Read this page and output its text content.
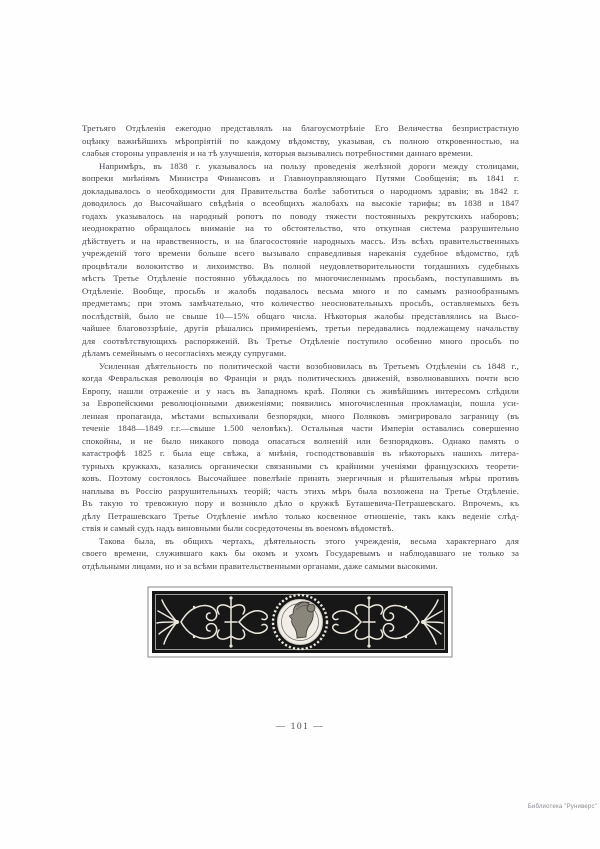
Третьяго Отдѣленія ежегодно представлялъ на благоусмотрѣніе Его Величества безпристрастную
оцѣнку важнѣйшихъ мѣропріятій по каждому вѣдомству, указывая, съ полною откровенностью, на
слабыя стороны управленія и на тѣ улучшенія, которыя вызывались потребностями даннаго времени.
Напримѣръ, въ 1838 г. указывалось на пользу проведенія желѣзной дороги между столицами,
вопреки мнѣніямъ Министра Финансовъ и Главноуправляющаго Путями Сообщенія; въ 1841 г.
докладывалось о необходимости для Правительства болѣе заботиться о народномъ здравіи; въ 1842 г.
доводилось до Высочайшаго свѣдѣнія о всеобщихъ жалобахъ на высокіе тарифы; въ 1838 и 1847
годахъ указывалось на народный ропотъ по поводу тяжести постоянныхъ рекрутскихъ наборовъ;
неоднократно обращалось вниманіе на то обстоятельство, что откупная система разрушительно
дѣйствуетъ и на нравственность, и на благосостояніе народныхъ массъ. Изъ всѣхъ правительственныхъ
учрежденій того времени больше всего вызывало справедливыя нареканія судебное вѣдомство, гдѣ
процвѣтали волокитство и лихоимство. Въ полной неудовлетворительности тогдашнихъ судебныхъ
мѣстъ Третье Отдѣленіе постоянно убѣждалось по многочисленнымъ просьбамъ, поступавшимъ въ
Отдѣленіе. Вообще, просьбъ и жалобъ подавалось весьма много и по самымъ разнообразнымъ
предметамъ; при этомъ замѣчательно, что количество неосновательныхъ просьбъ, оставляемыхъ безъ
послѣдствій, было не свыше 10—15% общаго числа. Нѣкоторыя жалобы представлялись на Высо-
чайшее благовоззрѣніе, другія рѣшались примиреніемъ, третьи передавались подлежащему начальству
для соотвѣтствующихъ распоряженій. Въ Третье Отдѣленіе поступило особенно много просьбъ по
дѣламъ семейнымъ о несогласіяхъ между супругами.
Усиленная дѣятельность по политической части возобновилась въ Третьемъ Отдѣленіи съ 1848 г.,
когда Февральская революція во Франціи и рядъ политическихъ движеній, взволновавшихъ почти всю
Европу, нашли отраженіе и у насъ въ Западномъ краѣ. Поляки съ живѣйшимъ интересомъ слѣдили
за Европейскими революціонными движеніями; появились многочисленныя прокламаціи, пошла уси-
ленная пропаганда, мѣстами вспыхивали безпорядки, много Поляковъ эмигрировало заграницу (въ
теченіе 1848—1849 г.г.—свыше 1.500 человѣкъ). Остальныя части Имперіи оставались совершенно
спокойны, и не было никакого повода опасаться волненій или безпорядковъ. Однако память о
катастрофѣ 1825 г. была еще свѣжа, а мнѣнія, господствовавшія въ нѣкоторыхъ нашихъ литера-
турныхъ кружкахъ, казались органически связанными съ крайними ученіями французскихъ теорети-
ковъ. Поэтому состоялось Высочайшее повелѣніе принять энергичныя и рѣшительныя мѣры противъ
наплыва въ Россію разрушительныхъ теорій; часть этихъ мѣръ была возложена на Третье Отдѣленіе.
Въ такую то тревожную пору и возникло дѣло о кружкѣ Буташевича-Петрашевскаго. Впрочемъ, къ
дѣлу Петрашевскаго Третье Отдѣленіе имѣло только косвенное отношеніе, такъ какъ веденіе слѣд-
ствія и самый судъ надъ виновными были сосредоточены въ военомъ вѣдомствѣ.
Такова была, въ общихъ чертахъ, дѣятельность этого учрежденія, весьма характернаго для
своего времени, служившаго какъ бы окомъ и ухомъ Государевымъ и наблюдавшаго не только за
отдѣльными лицами, но и за всѣми правительственными органами, даже самыми высокими.
— 101 —
Библиотека "Руниверс"
